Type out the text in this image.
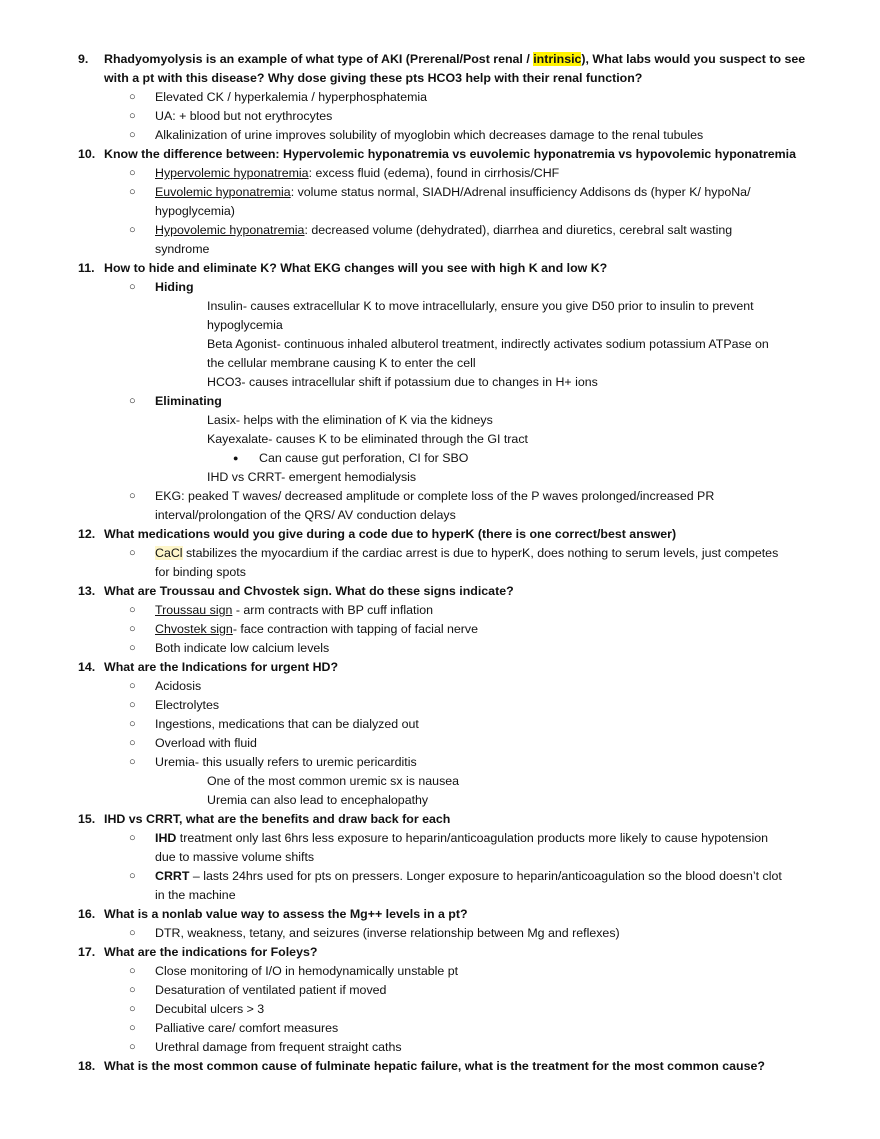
9. Rhadyomyolysis is an example of what type of AKI (Prerenal/Post renal / intrinsic), What labs would you suspect to see
with a pt with this disease? Why dose giving these pts HCO3 help with their renal function?
○ Elevated CK / hyperkalemia / hyperphosphatemia
○ UA: + blood but not erythrocytes
○ Alkalinization of urine improves solubility of myoglobin which decreases damage to the renal tubules
10. Know the difference between: Hypervolemic hyponatremia vs euvolemic hyponatremia vs hypovolemic hyponatremia
○ Hypervolemic hyponatremia: excess fluid (edema), found in cirrhosis/CHF
○ Euvolemic hyponatremia: volume status normal, SIADH/Adrenal insufficiency Addisons ds (hyper K/ hypoNa/
hypoglycemia)
○ Hypovolemic hyponatremia: decreased volume (dehydrated), diarrhea and diuretics, cerebral salt wasting
syndrome
11. How to hide and eliminate K? What EKG changes will you see with high K and low K?
○ Hiding
Insulin- causes extracellular K to move intracellularly, ensure you give D50 prior to insulin to prevent
hypoglycemia
Beta Agonist- continuous inhaled albuterol treatment, indirectly activates sodium potassium ATPase on
the cellular membrane causing K to enter the cell
HCO3- causes intracellular shift if potassium due to changes in H+ ions
○ Eliminating
Lasix- helps with the elimination of K via the kidneys
Kayexalate- causes K to be eliminated through the GI tract
● Can cause gut perforation, CI for SBO
IHD vs CRRT- emergent hemodialysis
○ EKG: peaked T waves/ decreased amplitude or complete loss of the P waves prolonged/increased PR
interval/prolongation of the QRS/ AV conduction delays
12. What medications would you give during a code due to hyperK (there is one correct/best answer)
○ CaCl stabilizes the myocardium if the cardiac arrest is due to hyperK, does nothing to serum levels, just competes
for binding spots
13. What are Troussau and Chvostek sign. What do these signs indicate?
○ Troussau sign - arm contracts with BP cuff inflation
○ Chvostek sign- face contraction with tapping of facial nerve
○ Both indicate low calcium levels
14. What are the Indications for urgent HD?
○ Acidosis
○ Electrolytes
○ Ingestions, medications that can be dialyzed out
○ Overload with fluid
○ Uremia- this usually refers to uremic pericarditis
One of the most common uremic sx is nausea
Uremia can also lead to encephalopathy
15. IHD vs CRRT, what are the benefits and draw back for each
○ IHD treatment only last 6hrs less exposure to heparin/anticoagulation products more likely to cause hypotension
due to massive volume shifts
○ CRRT – lasts 24hrs used for pts on pressers. Longer exposure to heparin/anticoagulation so the blood doesn’t clot
in the machine
16. What is a nonlab value way to assess the Mg++ levels in a pt?
○ DTR, weakness, tetany, and seizures (inverse relationship between Mg and reflexes)
17. What are the indications for Foleys?
○ Close monitoring of I/O in hemodynamically unstable pt
○ Desaturation of ventilated patient if moved
○ Decubital ulcers > 3
○ Palliative care/ comfort measures
○ Urethral damage from frequent straight caths
18. What is the most common cause of fulminate hepatic failure, what is the treatment for the most common cause?
